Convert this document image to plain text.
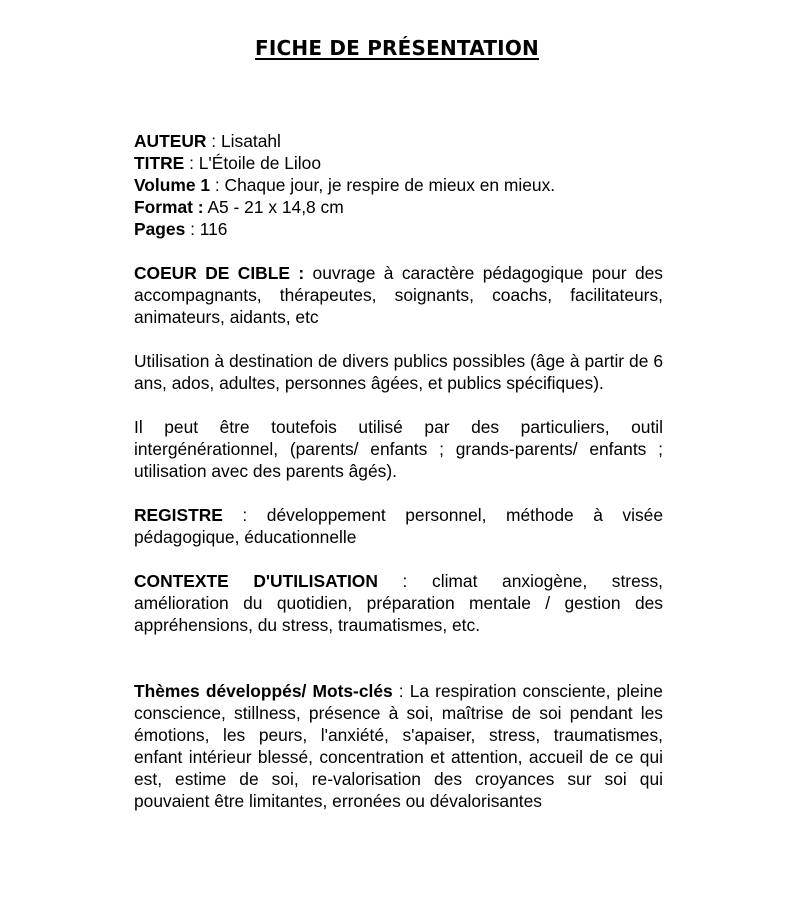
FICHE DE PRÉSENTATION

AUTEUR : Lisatahl

TITRE : L'Étoile de Liloo

Volume 1 : Chaque jour, je respire de mieux en mieux.

Format : A5 - 21 x 14,8 cm

Pages : 116

COEUR DE CIBLE : ouvrage à caractère pédagogique pour des accompagnants, thérapeutes, soignants, coachs, facilitateurs, animateurs, aidants, etc

Utilisation à destination de divers publics possibles (âge à partir de 6 ans, ados, adultes, personnes âgées, et publics spécifiques).

Il peut être toutefois utilisé par des particuliers, outil intergénérationnel, (parents/ enfants ; grands-parents/ enfants ; utilisation avec des parents âgés).

REGISTRE : développement personnel, méthode à visée pédagogique, éducationnelle

CONTEXTE D'UTILISATION : climat anxiogène, stress, amélioration du quotidien, préparation mentale / gestion des appréhensions, du stress, traumatismes, etc.

Thèmes développés/ Mots-clés : La respiration consciente, pleine conscience, stillness, présence à soi, maîtrise de soi pendant les émotions, les peurs, l'anxiété, s'apaiser, stress, traumatismes, enfant intérieur blessé, concentration et attention, accueil de ce qui est, estime de soi, re-valorisation des croyances sur soi qui pouvaient être limitantes, erronées ou dévalorisantes
